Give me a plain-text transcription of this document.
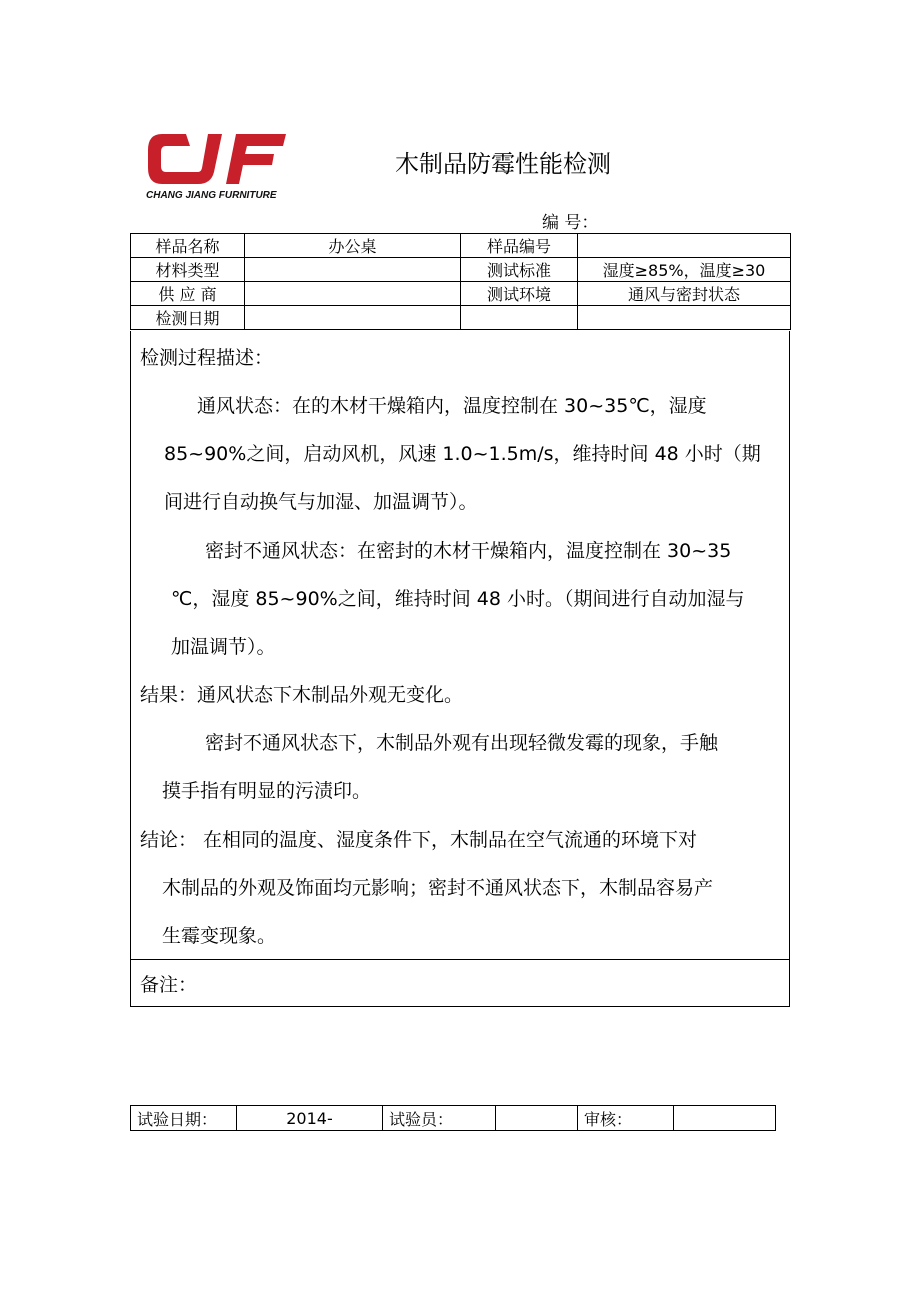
CHANG JIANG FURNITURE
木制品防霉性能检测
编 号：
样品名称	办公桌	样品编号	
材料类型		测试标准	湿度≥85%，温度≥30
供 应 商		测试环境	通风与密封状态
检测日期			
检测过程描述：
通风状态：在的木材干燥箱内，温度控制在 30~35℃，湿度
85~90%之间，启动风机，风速 1.0~1.5m/s，维持时间 48 小时（期
间进行自动换气与加湿、加温调节）。
密封不通风状态：在密封的木材干燥箱内，温度控制在 30~35
℃，湿度 85~90%之间，维持时间 48 小时。（期间进行自动加湿与
加温调节）。
结果：通风状态下木制品外观无变化。
密封不通风状态下，木制品外观有出现轻微发霉的现象，手触
摸手指有明显的污渍印。
结论： 在相同的温度、湿度条件下，木制品在空气流通的环境下对
木制品的外观及饰面均元影响；密封不通风状态下，木制品容易产
生霉变现象。
备注：
试验日期：	2014-	试验员：		审核：	
